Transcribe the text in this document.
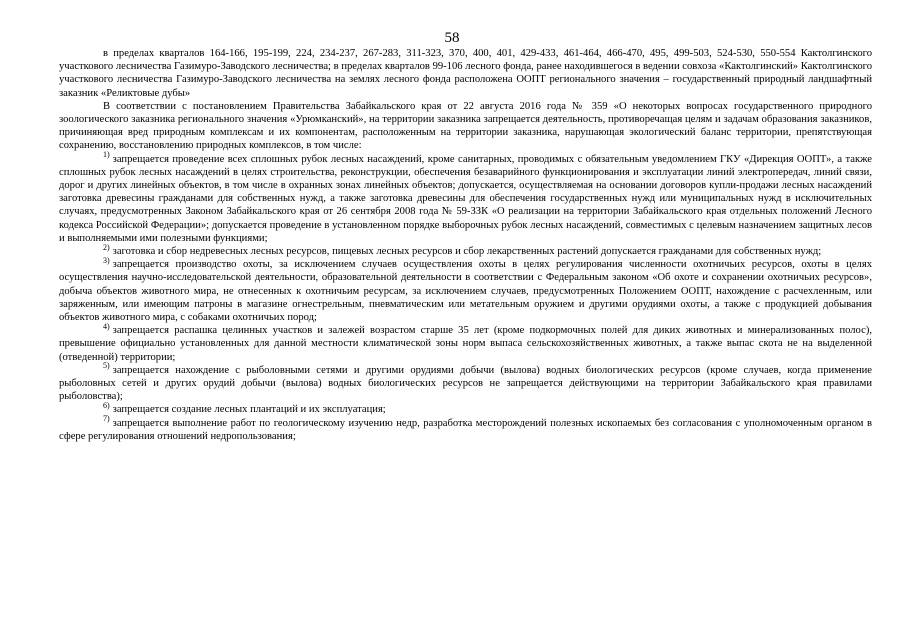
58

в пределах кварталов 164-166, 195-199, 224, 234-237, 267-283, 311-323, 370, 400, 401, 429-433, 461-464, 466-470, 495, 499-503, 524-530, 550-554 Кактолгинского участкового лесничества Газимуро-Заводского лесничества; в пределах кварталов 99-106 лесного фонда, ранее находившегося в ведении совхоза «Кактолгинский» Кактолгинского участкового лесничества Газимуро-Заводского лесничества на землях лесного фонда расположена ООПТ регионального значения – государственный природный ландшафтный заказник «Реликтовые дубы»

В соответствии с постановлением Правительства Забайкальского края от 22 августа 2016 года № 359 «О некоторых вопросах государственного природного зоологического заказника регионального значения «Урюмканский», на территории заказника запрещается деятельность, противоречащая целям и задачам образования заказников, причиняющая вред природным комплексам и их компонентам, расположенным на территории заказника, нарушающая экологический баланс территории, препятствующая сохранению, восстановлению природных комплексов, в том числе:

$^{1)}$ запрещается проведение всех сплошных рубок лесных насаждений, кроме санитарных, проводимых с обязательным уведомлением ГКУ «Дирекция ООПТ», а также сплошных рубок лесных насаждений в целях строительства, реконструкции, обеспечения безаварийного функционирования и эксплуатации линий электропередач, линий связи, дорог и других линейных объектов, в том числе в охранных зонах линейных объектов; допускается, осуществляемая на основании договоров купли-продажи лесных насаждений заготовка древесины гражданами для собственных нужд, а также заготовка древесины для обеспечения государственных нужд или муниципальных нужд в исключительных случаях, предусмотренных Законом Забайкальского края от 26 сентября 2008 года № 59-ЗЗК «О реализации на территории Забайкальского края отдельных положений Лесного кодекса Российской Федерации»; допускается проведение в установленном порядке выборочных рубок лесных насаждений, совместимых с целевым назначением защитных лесов и выполняемыми ими полезными функциями;

$^{2)}$ заготовка и сбор недревесных лесных ресурсов, пищевых лесных ресурсов и сбор лекарственных растений допускается гражданами для собственных нужд;

$^{3)}$ запрещается производство охоты, за исключением случаев осуществления охоты в целях регулирования численности охотничьих ресурсов, охоты в целях осуществления научно-исследовательской деятельности, образовательной деятельности в соответствии с Федеральным законом «Об охоте и сохранении охотничьих ресурсов», добыча объектов животного мира, не отнесенных к охотничьим ресурсам, за исключением случаев, предусмотренных Положением ООПТ, нахождение с расчехленным, или заряженным, или имеющим патроны в магазине огнестрельным, пневматическим или метательным оружием и другими орудиями охоты, а также с продукцией добывания объектов животного мира, с собаками охотничьих пород;

$^{4)}$ запрещается распашка целинных участков и залежей возрастом старше 35 лет (кроме подкормочных полей для диких животных и минерализованных полос), превышение официально установленных для данной местности климатической зоны норм выпаса сельскохозяйственных животных, а также выпас скота не на выделенной (отведенной) территории;

$^{5)}$ запрещается нахождение с рыболовными сетями и другими орудиями добычи (вылова) водных биологических ресурсов (кроме случаев, когда применение рыболовных сетей и других орудий добычи (вылова) водных биологических ресурсов не запрещается действующими на территории Забайкальского края правилами рыболовства);

$^{6)}$ запрещается создание лесных плантаций и их эксплуатация;

$^{7)}$ запрещается выполнение работ по геологическому изучению недр, разработка месторождений полезных ископаемых без согласования с уполномоченным органом в сфере регулирования отношений недропользования;
